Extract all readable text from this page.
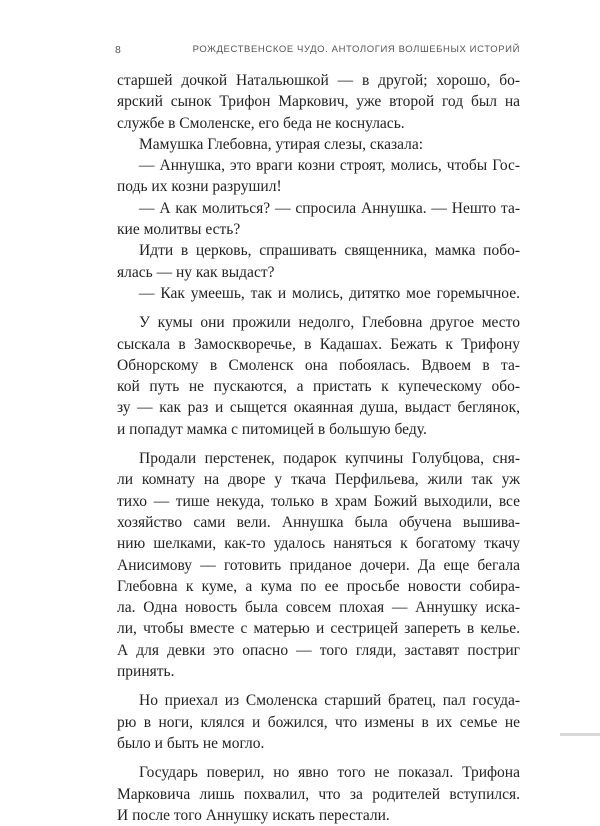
8	РОЖДЕСТВЕНСКОЕ ЧУДО. АНТОЛОГИЯ ВОЛШЕБНЫХ ИСТОРИЙ
старшей дочкой Натальюшкой — в другой; хорошо, бо-
ярский сынок Трифон Маркович, уже второй год был на
службе в Смоленске, его беда не коснулась.
Мамушка Глебовна, утирая слезы, сказала:
— Аннушка, это враги козни строят, молись, чтобы Гос-
подь их козни разрушил!
— А как молиться? — спросила Аннушка. — Нешто та-
кие молитвы есть?
Идти в церковь, спрашивать священника, мамка побо-
ялась — ну как выдаст?
— Как умеешь, так и молись, дитятко мое горемычное.
У кумы они прожили недолго, Глебовна другое место
сыскала в Замоскворечье, в Кадашах. Бежать к Трифону
Обнорскому в Смоленск она побоялась. Вдвоем в та-
кой путь не пускаются, а пристать к купеческому обо-
зу — как раз и сыщется окаянная душа, выдаст беглянок,
и попадут мамка с питомицей в большую беду.
Продали перстенек, подарок купчины Голубцова, сня-
ли комнату на дворе у ткача Перфильева, жили так уж
тихо — тише некуда, только в храм Божий выходили, все
хозяйство сами вели. Аннушка была обучена вышива-
нию шелками, как-то удалось наняться к богатому ткачу
Анисимову — готовить приданое дочери. Да еще бегала
Глебовна к куме, а кума по ее просьбе новости собира-
ла. Одна новость была совсем плохая — Аннушку иска-
ли, чтобы вместе с матерью и сестрицей запереть в келье.
А для девки это опасно — того гляди, заставят постриг
принять.
Но приехал из Смоленска старший братец, пал госуда-
рю в ноги, клялся и божился, что измены в их семье не
было и быть не могло.
Государь поверил, но явно того не показал. Трифона
Марковича лишь похвалил, что за родителей вступился.
И после того Аннушку искать перестали.
